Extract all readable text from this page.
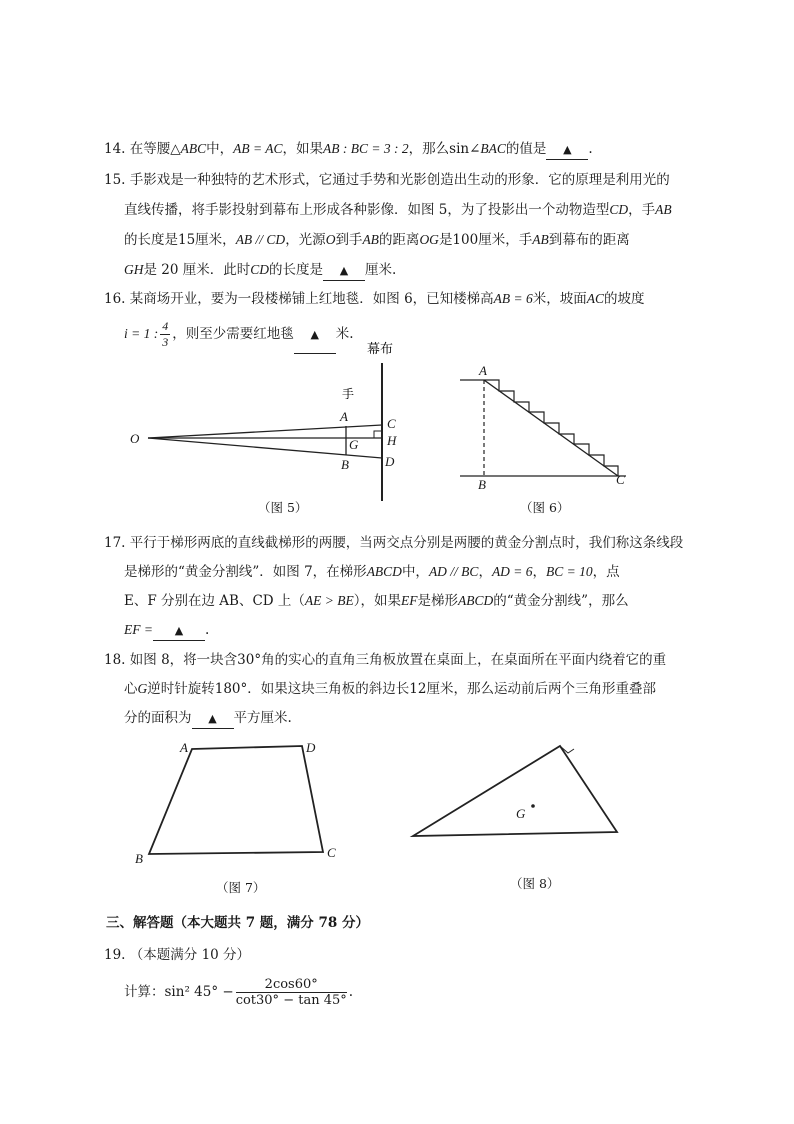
14. 在等腰△ABC中，AB = AC，如果AB : BC = 3 : 2，那么sin∠BAC的值是 ▲ .
15. 手影戏是一种独特的艺术形式，它通过手势和光影创造出生动的形象．它的原理是利用光的
直线传播，将手影投射到幕布上形成各种影像．如图 5，为了投影出一个动物造型CD，手AB
的长度是15厘米，AB // CD，光源O到手AB的距离OG是100厘米，手AB到幕布的距离
GH是 20 厘米．此时CD的长度是 ▲ 厘米.
16. 某商场开业，要为一段楼梯铺上红地毯．如图 6，已知楼梯高AB = 6米，坡面AC的坡度
i = 1 : $\frac{4}{3}$ ，则至少需要红地毯 ▲ 米.
幕布
手
O
A
B
G
C
H
D
（图 5）
A
B	C
（图 6）
17. 平行于梯形两底的直线截梯形的两腰，当两交点分别是两腰的黄金分割点时，我们称这条线段
是梯形的“黄金分割线”．如图 7，在梯形ABCD中，AD // BC，AD = 6，BC = 10，点
E、F 分别在边 AB、CD 上（AE > BE），如果EF是梯形ABCD的“黄金分割线”，那么
EF = ▲ .
18. 如图 8，将一块含30°角的实心的直角三角板放置在桌面上，在桌面所在平面内绕着它的重
心G逆时针旋转180°．如果这块三角板的斜边长12厘米，那么运动前后两个三角形重叠部
分的面积为 ▲ 平方厘米.
A	D
B	C
（图 7）
G
（图 8）
三、解答题（本大题共 7 题，满分 78 分）
19. （本题满分 10 分）
计算：sin² $45^\circ - \frac{2\cos 60^\circ}{\cot 30^\circ - \tan 45^\circ}$ .
